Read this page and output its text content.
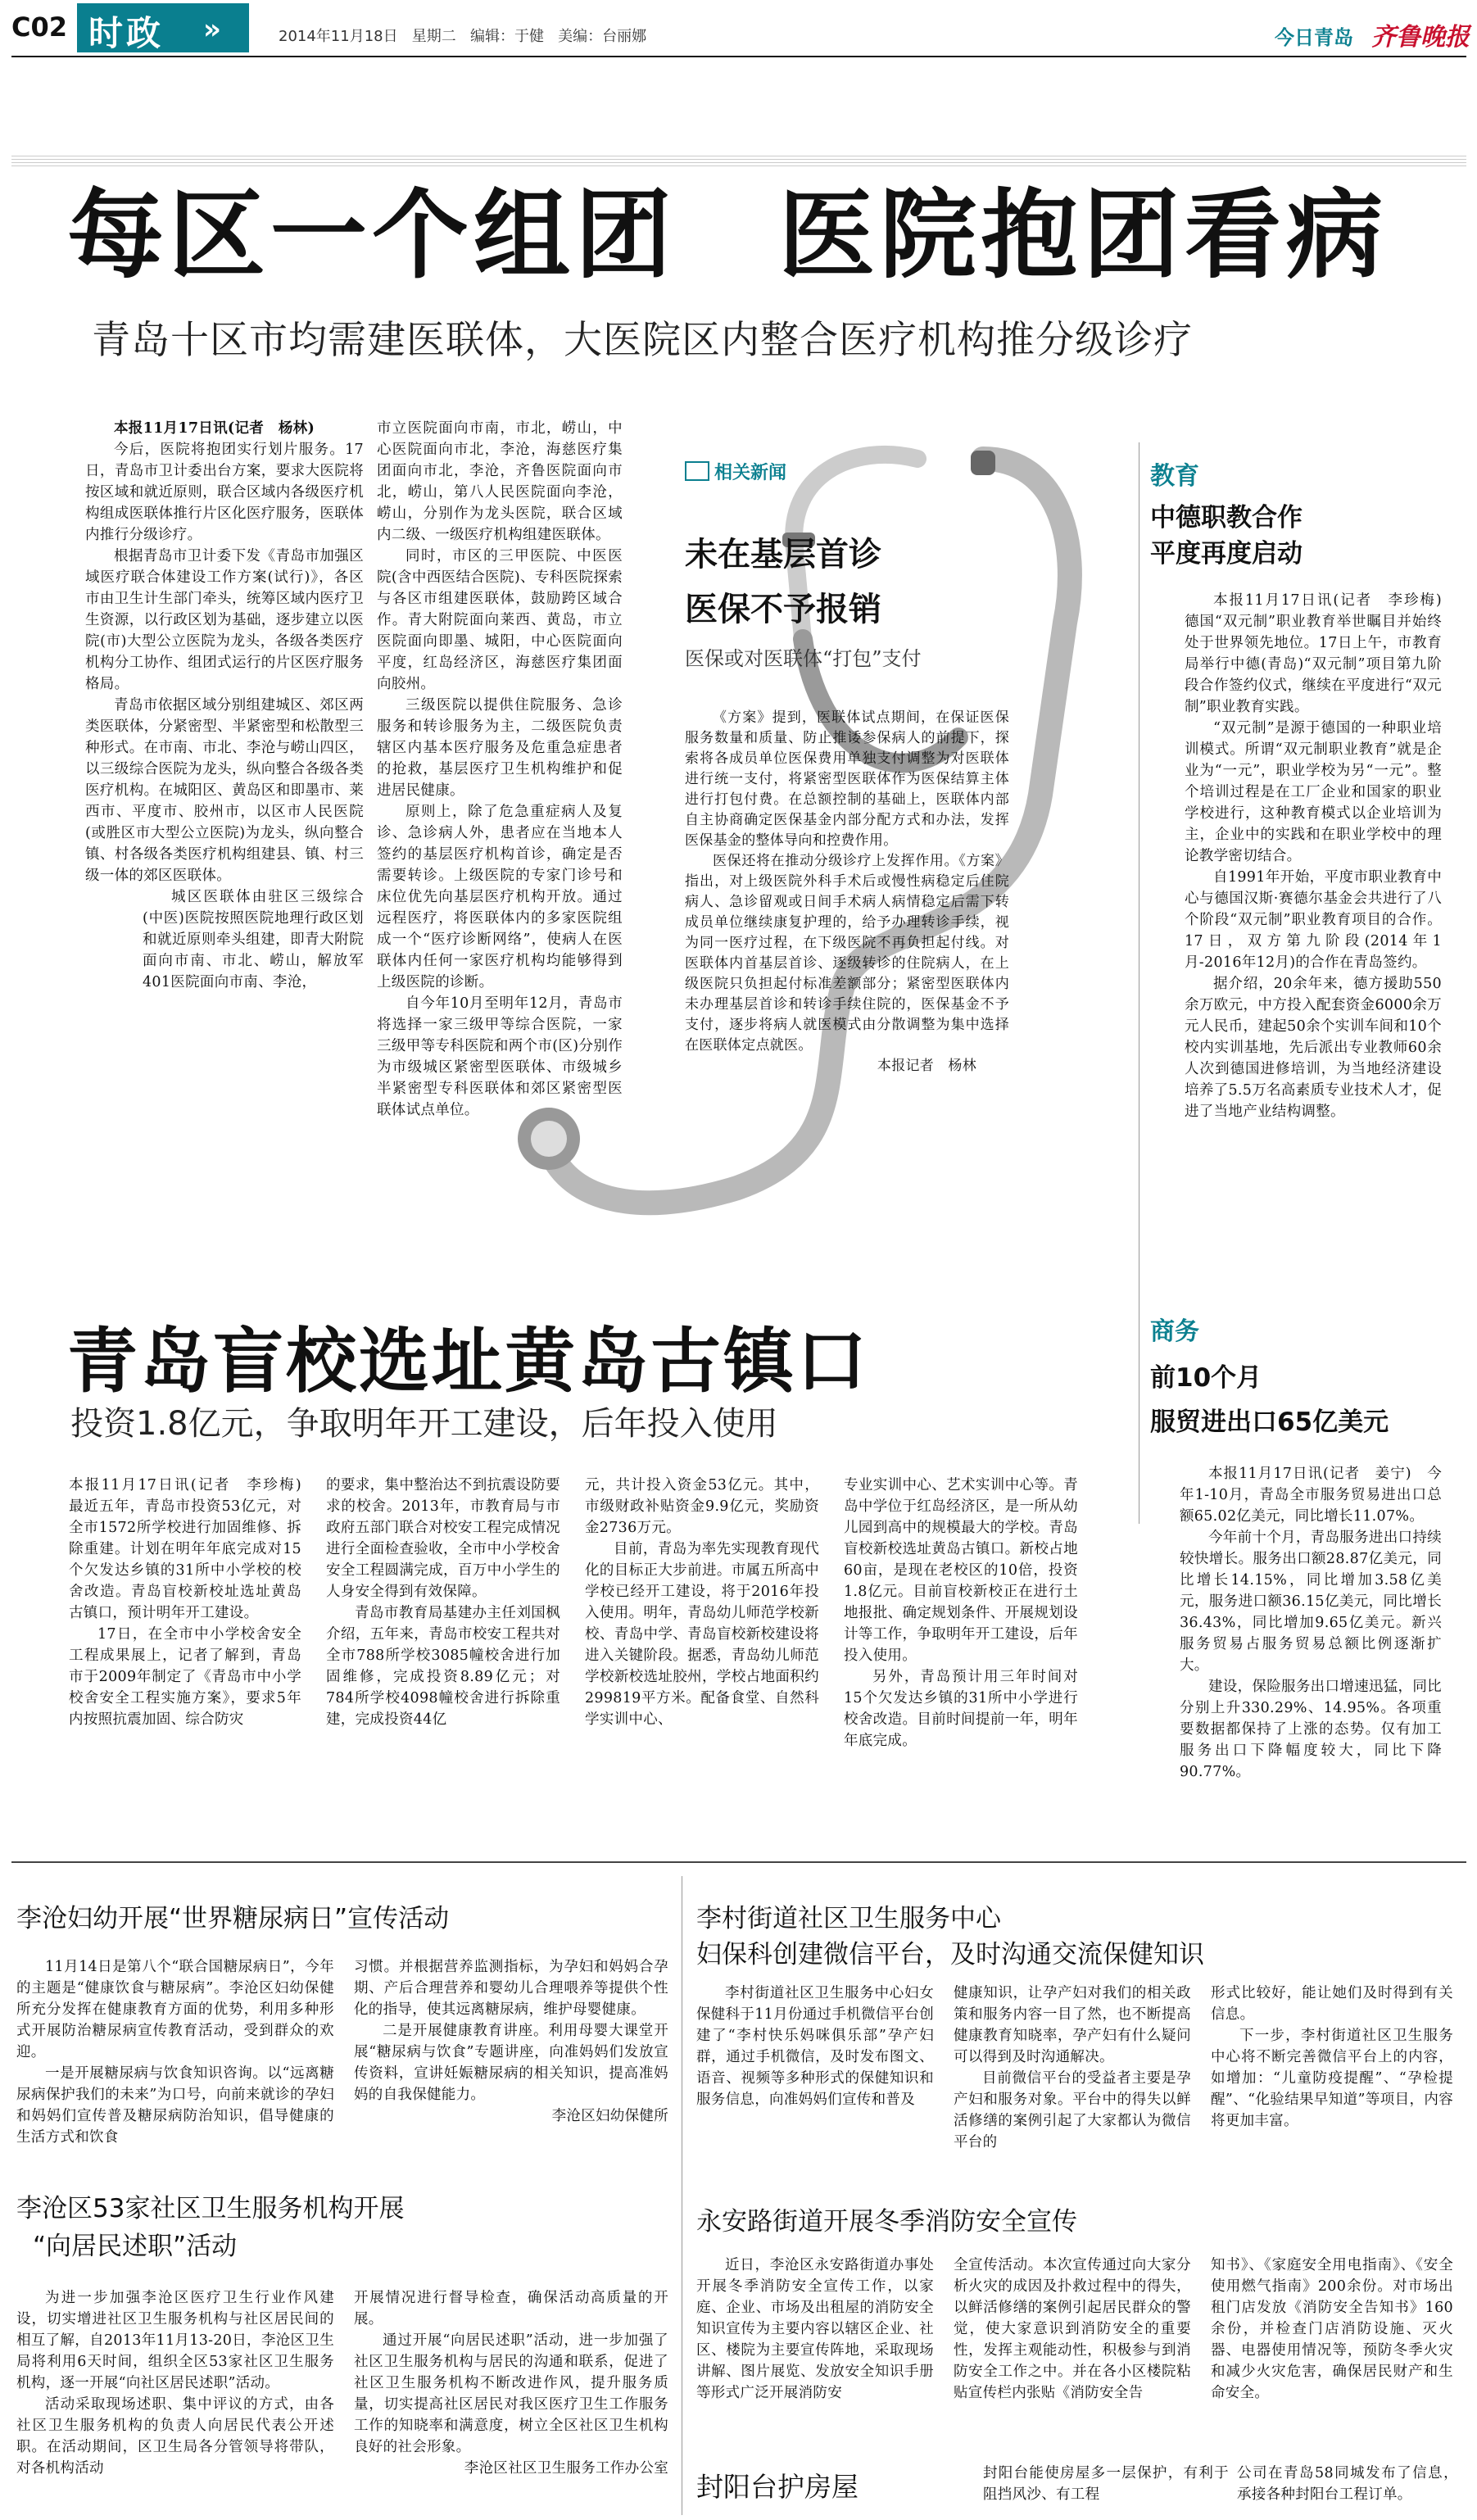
C02 时政 »	2014年11月18日 星期二 编辑：于健 美编：台丽娜	今日青岛 齐鲁晚报
每区一个组团　医院抱团看病
青岛十区市均需建医联体，大医院区内整合医疗机构推分级诊疗

本报11月17日讯(记者　杨林)

今后，医院将抱团实行划片服务。17日，青岛市卫计委出台方案，要求大医院将按区域和就近原则，联合区域内各级医疗机构组成医联体推行片区化医疗服务，医联体内推行分级诊疗。

根据青岛市卫计委下发《青岛市加强区域医疗联合体建设工作方案(试行)》，各区市由卫生计生部门牵头，统筹区域内医疗卫生资源，以行政区划为基础，逐步建立以医院(市)大型公立医院为龙头，各级各类医疗机构分工协作、组团式运行的片区医疗服务格局。

青岛市依据区域分别组建城区、郊区两类医联体，分紧密型、半紧密型和松散型三种形式。在市南、市北、李沧与崂山四区，以三级综合医院为龙头，纵向整合各级各类医疗机构。在城阳区、黄岛区和即墨市、莱西市、平度市、胶州市，以区市人民医院(或胜区市大型公立医院)为龙头，纵向整合镇、村各级各类医疗机构组建县、镇、村三级一体的郊区医联体。

城区医联体由驻区三级综合(中医)医院按照医院地理行政区划和就近原则牵头组建，即青大附院面向市南、市北、崂山，解放军401医院面向市南、李沧，

市立医院面向市南，市北，崂山，中心医院面向市北，李沧，海慈医疗集团面向市北，李沧，齐鲁医院面向市北，崂山，第八人民医院面向李沧，崂山，分别作为龙头医院，联合区域内二级、一级医疗机构组建医联体。

同时，市区的三甲医院、中医医院(含中西医结合医院)、专科医院探索与各区市组建医联体，鼓励跨区域合作。青大附院面向莱西、黄岛，市立医院面向即墨、城阳，中心医院面向平度，红岛经济区，海慈医疗集团面向胶州。

三级医院以提供住院服务、急诊服务和转诊服务为主，二级医院负责辖区内基本医疗服务及危重急症患者的抢救，基层医疗卫生机构维护和促进居民健康。

原则上，除了危急重症病人及复诊、急诊病人外，患者应在当地本人签约的基层医疗机构首诊，确定是否需要转诊。上级医院的专家门诊号和床位优先向基层医疗机构开放。通过远程医疗，将医联体内的多家医院组成一个“医疗诊断网络”，使病人在医联体内任何一家医疗机构均能够得到上级医院的诊断。

自今年10月至明年12月，青岛市将选择一家三级甲等综合医院，一家三级甲等专科医院和两个市(区)分别作为市级城区紧密型医联体、市级城乡半紧密型专科医联体和郊区紧密型医联体试点单位。

相关新闻
未在基层首诊
医保不予报销
医保或对医联体“打包”支付

《方案》提到，医联体试点期间，在保证医保服务数量和质量、防止推诿参保病人的前提下，探索将各成员单位医保费用单独支付调整为对医联体进行统一支付，将紧密型医联体作为医保结算主体进行打包付费。在总额控制的基础上，医联体内部自主协商确定医保基金内部分配方式和办法，发挥医保基金的整体导向和控费作用。

医保还将在推动分级诊疗上发挥作用。《方案》指出，对上级医院外科手术后或慢性病稳定后住院病人、急诊留观或日间手术病人病情稳定后需下转成员单位继续康复护理的，给予办理转诊手续，视为同一医疗过程，在下级医院不再负担起付线。对医联体内首基层首诊、逐级转诊的住院病人，在上级医院只负担起付标准差额部分；紧密型医联体内未办理基层首诊和转诊手续住院的，医保基金不予支付，逐步将病人就医模式由分散调整为集中选择在医联体定点就医。

本报记者　杨林

教育
中德职教合作
平度再度启动

本报11月17日讯(记者　李珍梅)　德国“双元制”职业教育举世瞩目并始终处于世界领先地位。17日上午，市教育局举行中德(青岛)“双元制”项目第九阶段合作签约仪式，继续在平度进行“双元制”职业教育实践。

“双元制”是源于德国的一种职业培训模式。所谓“双元制职业教育”就是企业为“一元”，职业学校为另“一元”。整个培训过程是在工厂企业和国家的职业学校进行，这种教育模式以企业培训为主，企业中的实践和在职业学校中的理论教学密切结合。

自1991年开始，平度市职业教育中心与德国汉斯·赛德尔基金会共进行了八个阶段“双元制”职业教育项目的合作。17日，双方第九阶段(2014年1月-2016年12月)的合作在青岛签约。

据介绍，20余年来，德方援助550余万欧元，中方投入配套资金6000余万元人民币，建起50余个实训车间和10个校内实训基地，先后派出专业教师60余人次到德国进修培训，为当地经济建设培养了5.5万名高素质专业技术人才，促进了当地产业结构调整。

青岛盲校选址黄岛古镇口
投资1.8亿元，争取明年开工建设，后年投入使用

本报11月17日讯(记者　李珍梅)　最近五年，青岛市投资53亿元，对全市1572所学校进行加固维修、拆除重建。计划在明年年底完成对15个欠发达乡镇的31所中小学校的校舍改造。青岛盲校新校址选址黄岛古镇口，预计明年开工建设。

17日，在全市中小学校舍安全工程成果展上，记者了解到，青岛市于2009年制定了《青岛市中小学校舍安全工程实施方案》，要求5年内按照抗震加固、综合防灾

的要求，集中整治达不到抗震设防要求的校舍。2013年，市教育局与市政府五部门联合对校安工程完成情况进行全面检查验收，全市中小学校舍安全工程圆满完成，百万中小学生的人身安全得到有效保障。

青岛市教育局基建办主任刘国枫介绍，五年来，青岛市校安工程共对全市788所学校3085幢校舍进行加固维修，完成投资8.89亿元；对784所学校4098幢校舍进行拆除重建，完成投资44亿

元，共计投入资金53亿元。其中，市级财政补贴资金9.9亿元，奖励资金2736万元。

目前，青岛为率先实现教育现代化的目标正大步前进。市属五所高中学校已经开工建设，将于2016年投入使用。明年，青岛幼儿师范学校新校、青岛中学、青岛盲校新校建设将进入关键阶段。据悉，青岛幼儿师范学校新校选址胶州，学校占地面积约299819平方米。配备食堂、自然科学实训中心、

专业实训中心、艺术实训中心等。青岛中学位于红岛经济区，是一所从幼儿园到高中的规模最大的学校。青岛盲校新校选址黄岛古镇口。新校占地60亩，是现在老校区的10倍，投资1.8亿元。目前盲校新校正在进行土地报批、确定规划条件、开展规划设计等工作，争取明年开工建设，后年投入使用。

另外，青岛预计用三年时间对15个欠发达乡镇的31所中小学进行校舍改造。目前时间提前一年，明年年底完成。

商务
前10个月
服贸进出口65亿美元

本报11月17日讯(记者　姜宁)　今年1-10月，青岛全市服务贸易进出口总额65.02亿美元，同比增长11.07%。

今年前十个月，青岛服务进出口持续较快增长。服务出口额28.87亿美元，同比增长14.15%，同比增加3.58亿美元，服务进口额36.15亿美元，同比增长36.43%，同比增加9.65亿美元。新兴服务贸易占服务贸易总额比例逐渐扩大。

建设，保险服务出口增速迅猛，同比分别上升330.29%、14.95%。各项重要数据都保持了上涨的态势。仅有加工服务出口下降幅度较大，同比下降90.77%。

李沧妇幼开展“世界糖尿病日”宣传活动

11月14日是第八个“联合国糖尿病日”，今年的主题是“健康饮食与糖尿病”。李沧区妇幼保健所充分发挥在健康教育方面的优势，利用多种形式开展防治糖尿病宣传教育活动，受到群众的欢迎。

一是开展糖尿病与饮食知识咨询。以“远离糖尿病保护我们的未来”为口号，向前来就诊的孕妇和妈妈们宣传普及糖尿病防治知识，倡导健康的生活方式和饮食

习惯。并根据营养监测指标，为孕妇和妈妈合孕期、产后合理营养和婴幼儿合理喂养等提供个性化的指导，使其远离糖尿病，维护母婴健康。

二是开展健康教育讲座。利用母婴大课堂开展“糖尿病与饮食”专题讲座，向准妈妈们发放宣传资料，宣讲妊娠糖尿病的相关知识，提高准妈妈的自我保健能力。

李沧区妇幼保健所

李沧区53家社区卫生服务机构开展
“向居民述职”活动

为进一步加强李沧区医疗卫生行业作风建设，切实增进社区卫生服务机构与社区居民间的相互了解，自2013年11月13-20日，李沧区卫生局将利用6天时间，组织全区53家社区卫生服务机构，逐一开展“向社区居民述职”活动。

活动采取现场述职、集中评议的方式，由各社区卫生服务机构的负责人向居民代表公开述职。在活动期间，区卫生局各分管领导将带队，对各机构活动

开展情况进行督导检查，确保活动高质量的开展。

通过开展“向居民述职”活动，进一步加强了社区卫生服务机构与居民的沟通和联系，促进了社区卫生服务机构不断改进作风，提升服务质量，切实提高社区居民对我区医疗卫生工作服务工作的知晓率和满意度，树立全区社区卫生机构良好的社会形象。

李沧区社区卫生服务工作办公室

李村街道社区卫生服务中心
妇保科创建微信平台，及时沟通交流保健知识

李村街道社区卫生服务中心妇女保健科于11月份通过手机微信平台创建了“李村快乐妈咪俱乐部”孕产妇群，通过手机微信，及时发布图文、语音、视频等多种形式的保健知识和服务信息，向准妈妈们宣传和普及

健康知识，让孕产妇对我们的相关政策和服务内容一目了然，也不断提高健康教育知晓率，孕产妇有什么疑问可以得到及时沟通解决。

目前微信平台的受益者主要是孕产妇和服务对象。平台中的得失以鲜活修缮的案例引起了大家都认为微信平台的

形式比较好，能让她们及时得到有关信息。

下一步，李村街道社区卫生服务中心将不断完善微信平台上的内容，如增加：“儿童防疫提醒”、“孕检提醒”、“化验结果早知道”等项目，内容将更加丰富。

永安路街道开展冬季消防安全宣传

近日，李沧区永安路街道办事处开展冬季消防安全宣传工作，以家庭、企业、市场及出租屋的消防安全知识宣传为主要内容以辖区企业、社区、楼院为主要宣传阵地，采取现场讲解、图片展览、发放安全知识手册等形式广泛开展消防安

全宣传活动。本次宣传通过向大家分析火灾的成因及扑救过程中的得失，以鲜活修缮的案例引起居民群众的警觉，使大家意识到消防安全的重要性，发挥主观能动性，积极参与到消防安全工作之中。并在各小区楼院粘贴宣传栏内张贴《消防安全告

知书》、《家庭安全用电指南》、《安全使用燃气指南》200余份。对市场出租门店发放《消防安全告知书》160余份，并检查门店消防设施、灭火器、电器使用情况等，预防冬季火灾和减少火灾危害，确保居民财产和生命安全。

封阳台护房屋	封阳台能使房屋多一层保护，有利于阻挡风沙、有工程

公司在青岛58同城发布了信息，承接各种封阳台工程订单。
